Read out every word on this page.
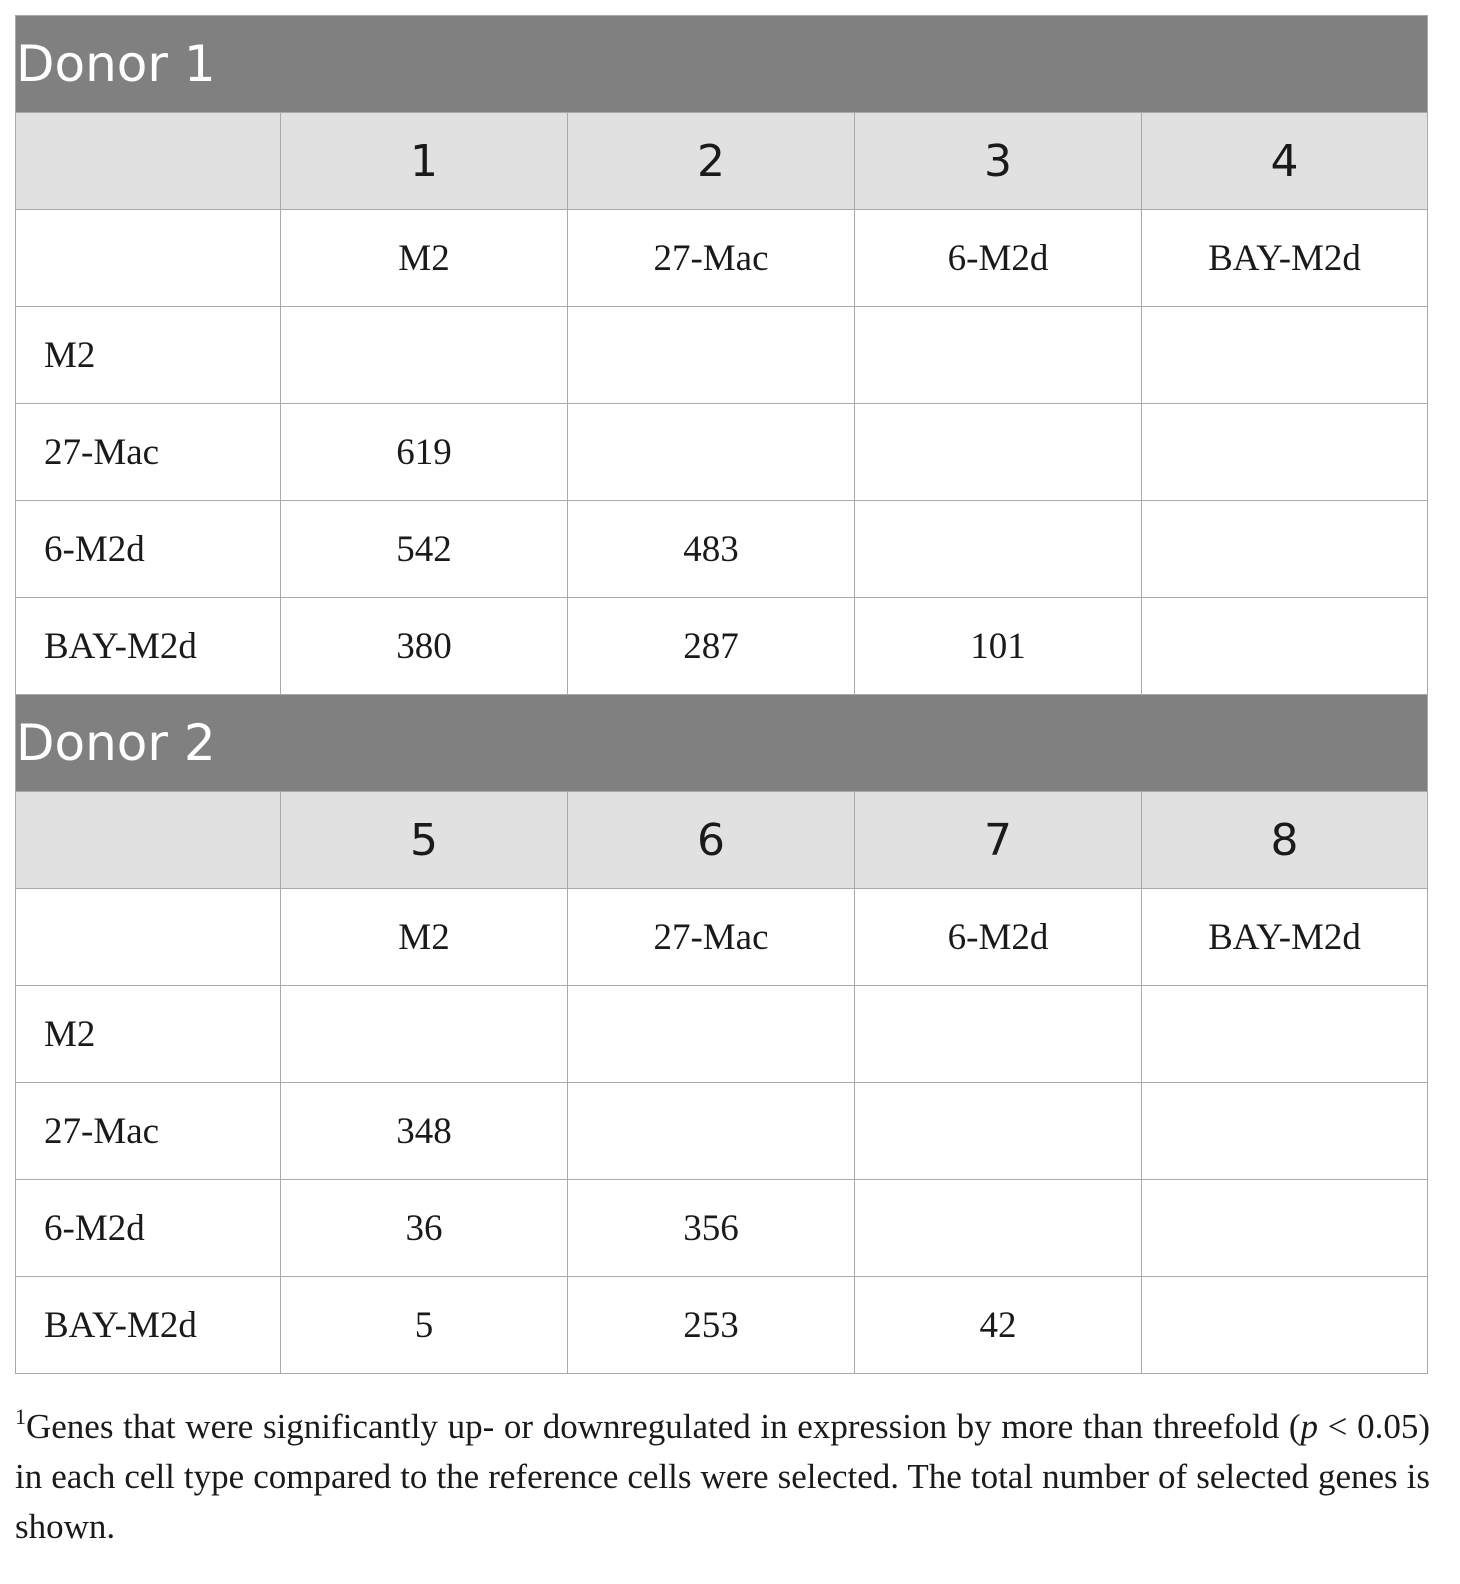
Donor 1				
	1	2	3	4
	M2	27-Mac	6-M2d	BAY-M2d
M2				
27-Mac	619			
6-M2d	542	483		
BAY-M2d	380	287	101	
Donor 2				
	5	6	7	8
	M2	27-Mac	6-M2d	BAY-M2d
M2				
27-Mac	348			
6-M2d	36	356		
BAY-M2d	5	253	42	
$^1$Genes that were significantly up- or downregulated in expression by more than threefold (p < 0.05) in each cell type compared to the reference cells were selected. The total number of selected genes is shown.
